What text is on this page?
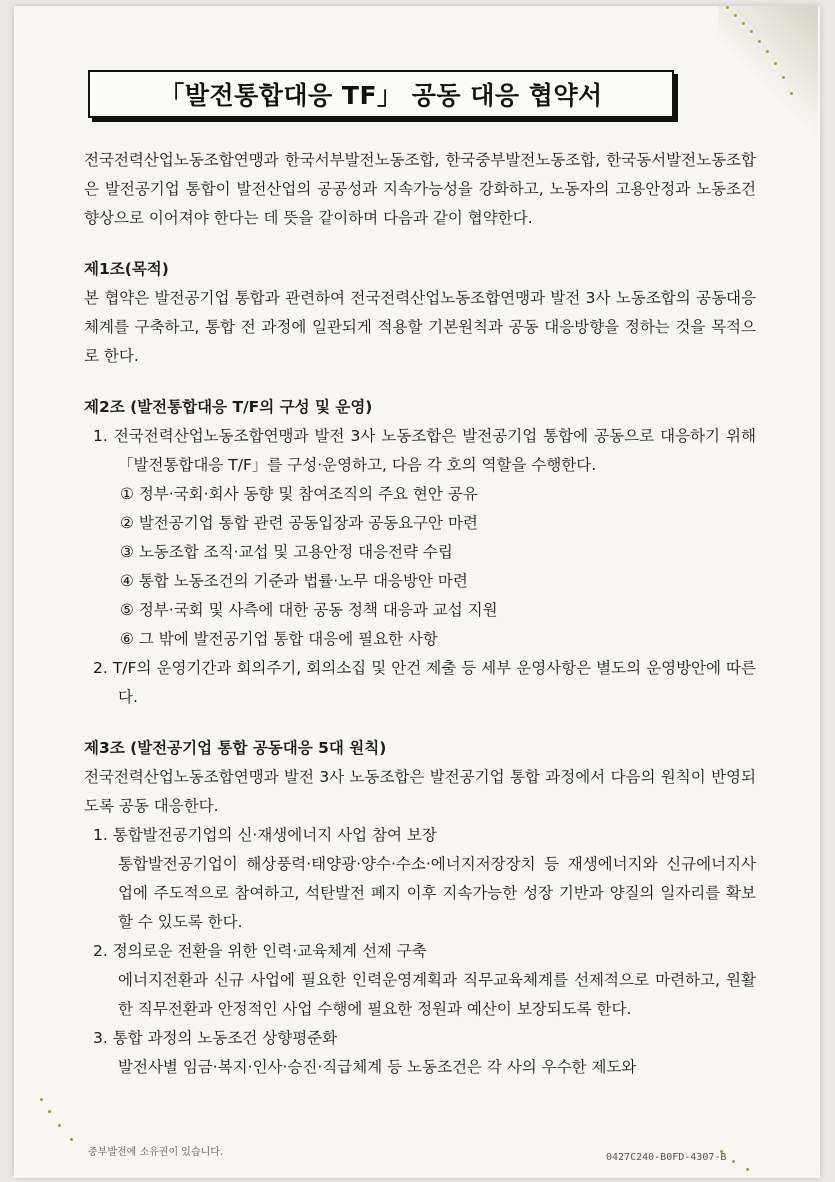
「발전통합대응 TF」 공동 대응 협약서

전국전력산업노동조합연맹과 한국서부발전노동조합, 한국중부발전노동조합, 한국동서발전노동조합은 발전공기업 통합이 발전산업의 공공성과 지속가능성을 강화하고, 노동자의 고용안정과 노동조건 향상으로 이어져야 한다는 데 뜻을 같이하며 다음과 같이 협약한다.

제1조(목적)

본 협약은 발전공기업 통합과 관련하여 전국전력산업노동조합연맹과 발전 3사 노동조합의 공동대응체계를 구축하고, 통합 전 과정에 일관되게 적용할 기본원칙과 공동 대응방향을 정하는 것을 목적으로 한다.

제2조 (발전통합대응 T/F의 구성 및 운영)

1. 전국전력산업노동조합연맹과 발전 3사 노동조합은 발전공기업 통합에 공동으로 대응하기 위해 「발전통합대응 T/F」를 구성·운영하고, 다음 각 호의 역할을 수행한다.

① 정부·국회·회사 동향 및 참여조직의 주요 현안 공유

② 발전공기업 통합 관련 공동입장과 공동요구안 마련

③ 노동조합 조직·교섭 및 고용안정 대응전략 수립

④ 통합 노동조건의 기준과 법률·노무 대응방안 마련

⑤ 정부·국회 및 사측에 대한 공동 정책 대응과 교섭 지원

⑥ 그 밖에 발전공기업 통합 대응에 필요한 사항

2. T/F의 운영기간과 회의주기, 회의소집 및 안건 제출 등 세부 운영사항은 별도의 운영방안에 따른다.

제3조 (발전공기업 통합 공동대응 5대 원칙)

전국전력산업노동조합연맹과 발전 3사 노동조합은 발전공기업 통합 과정에서 다음의 원칙이 반영되도록 공동 대응한다.

1. 통합발전공기업의 신·재생에너지 사업 참여 보장

통합발전공기업이 해상풍력·태양광·양수·수소·에너지저장장치 등 재생에너지와 신규에너지사업에 주도적으로 참여하고, 석탄발전 폐지 이후 지속가능한 성장 기반과 양질의 일자리를 확보할 수 있도록 한다.

2. 정의로운 전환을 위한 인력·교육체계 선제 구축

에너지전환과 신규 사업에 필요한 인력운영계획과 직무교육체계를 선제적으로 마련하고, 원활한 직무전환과 안정적인 사업 수행에 필요한 정원과 예산이 보장되도록 한다.

3. 통합 과정의 노동조건 상향평준화

발전사별 임금·복지·인사·승진·직급체계 등 노동조건은 각 사의 우수한 제도와

중부발전에 소유권이 있습니다.	0427C240-B0FD-4307-B
